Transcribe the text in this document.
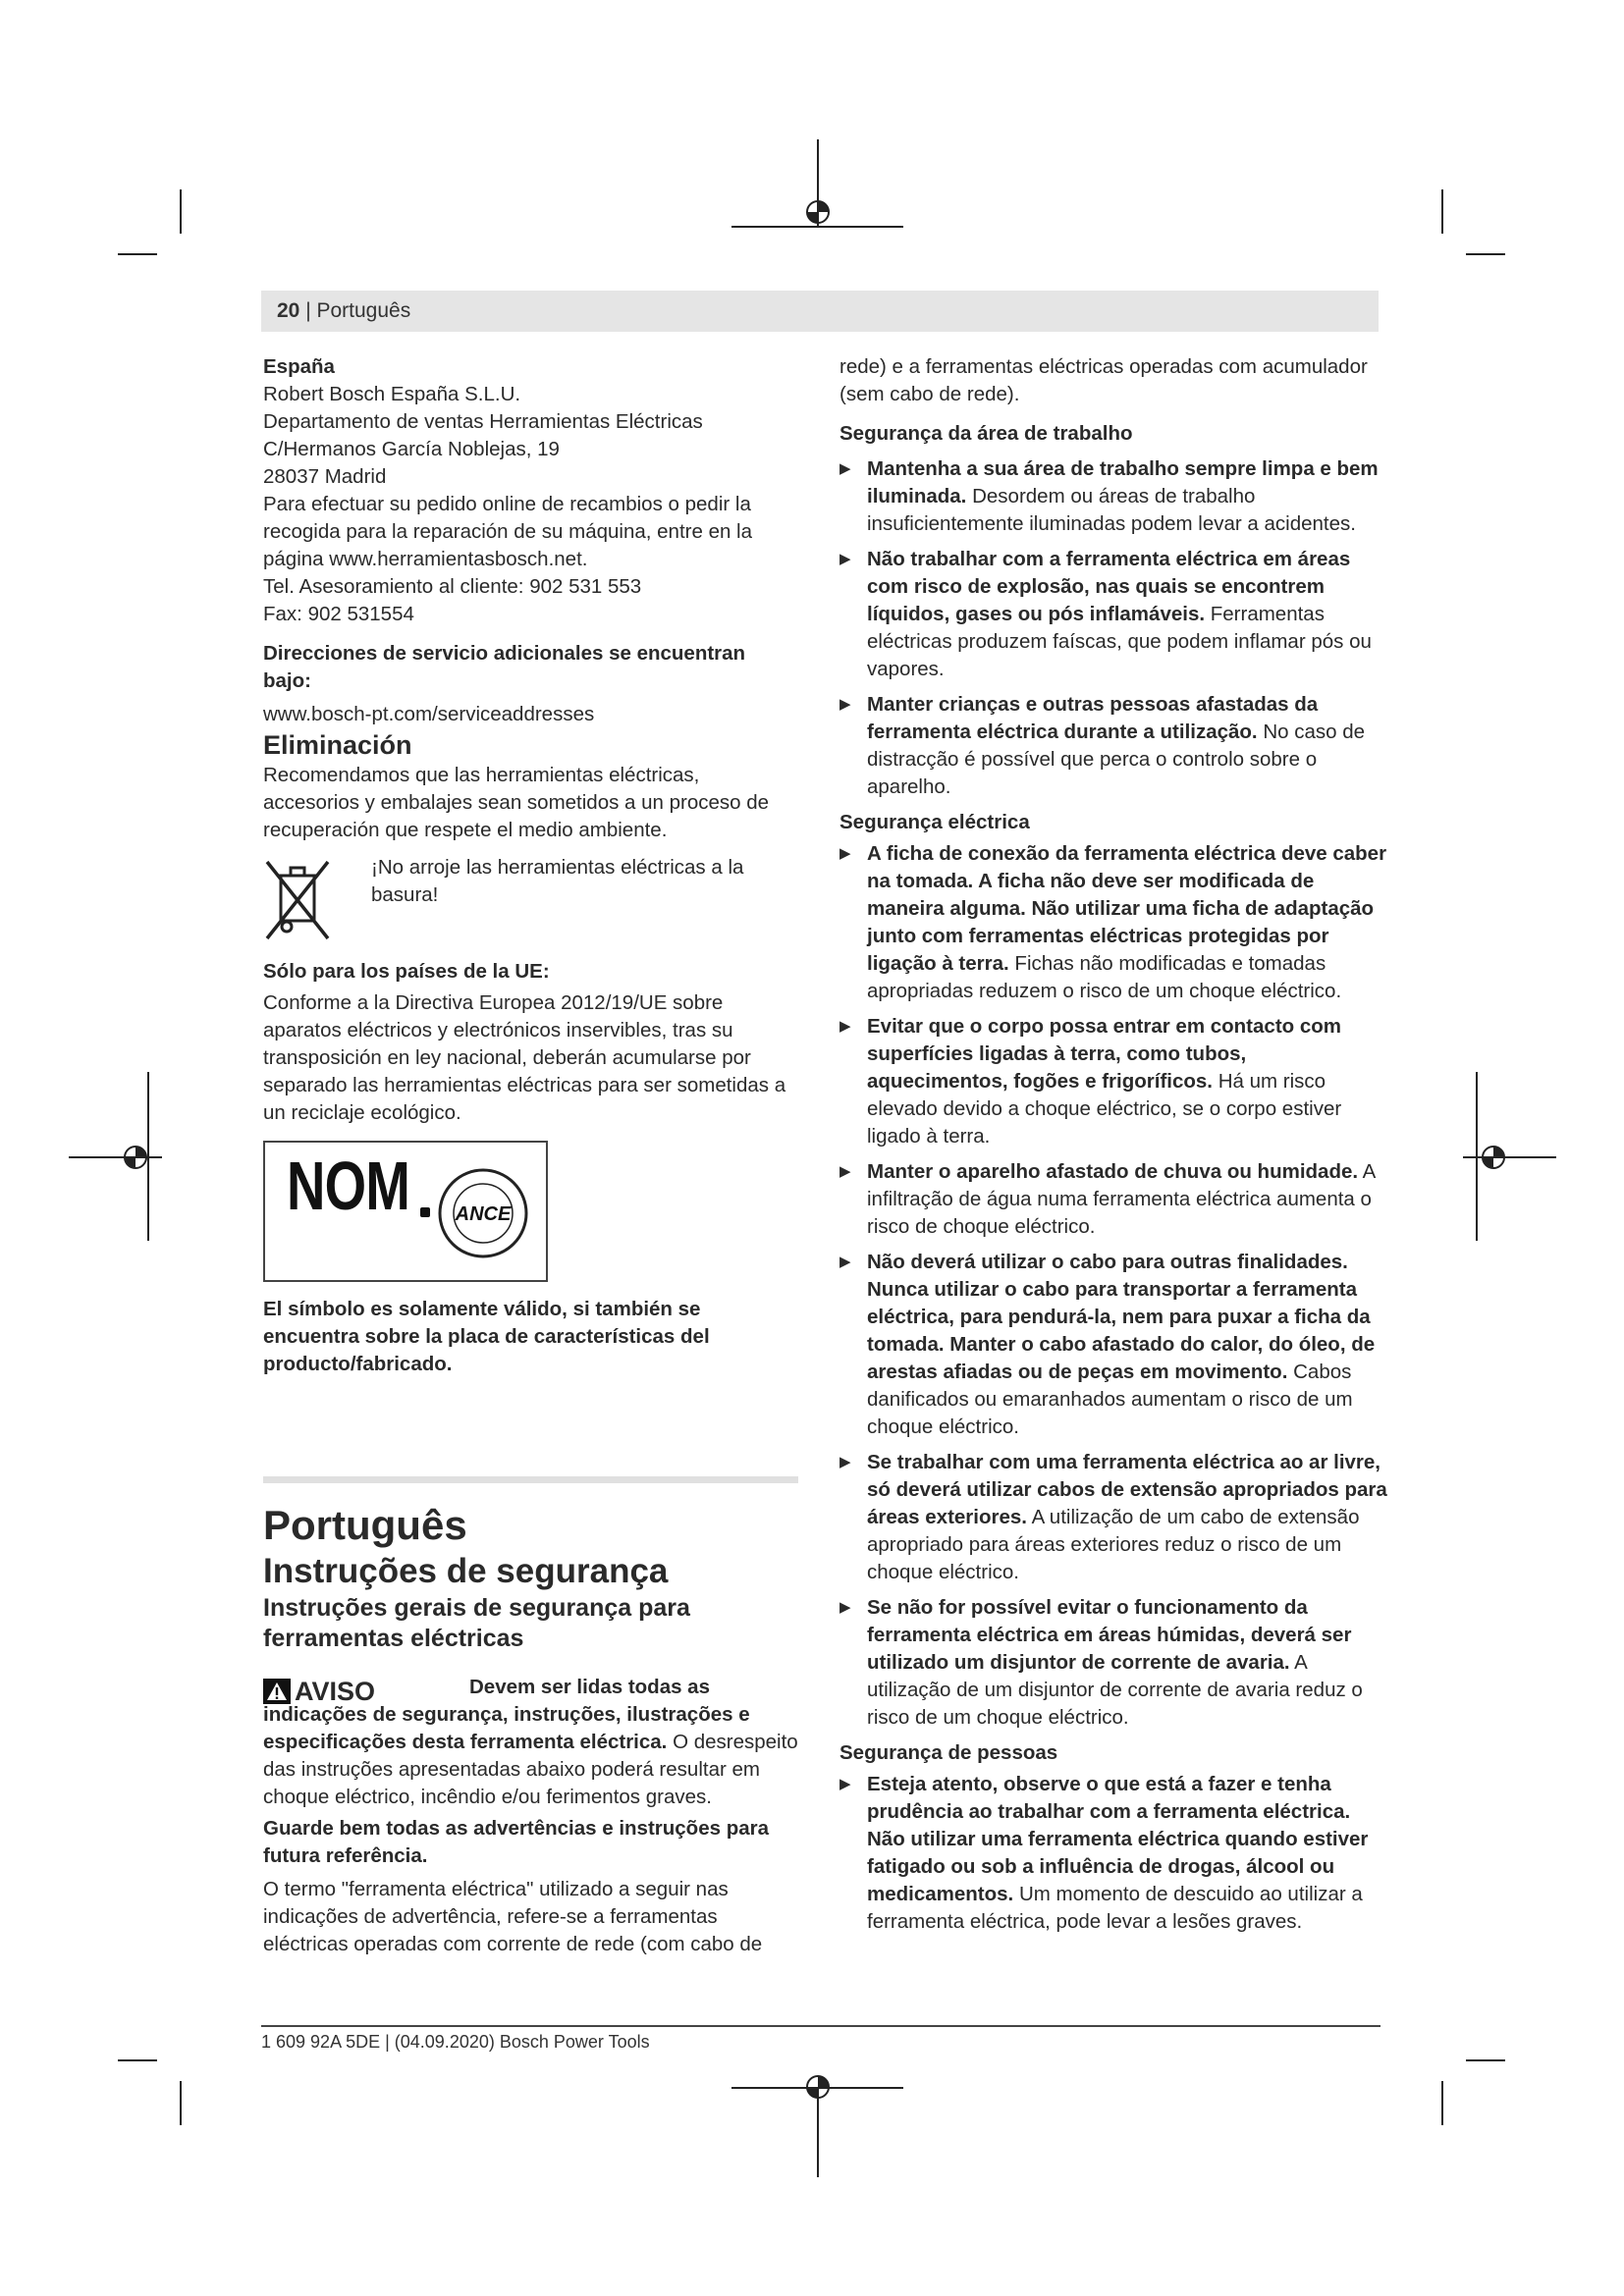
20 | Português

España

Robert Bosch España S.L.U.

Departamento de ventas Herramientas Eléctricas

C/Hermanos García Noblejas, 19

28037 Madrid

Para efectuar su pedido online de recambios o pedir la recogida para la reparación de su máquina, entre en la página www.herramientasbosch.net.

Tel. Asesoramiento al cliente: 902 531 553

Fax: 902 531554

Direcciones de servicio adicionales se encuentran bajo:

www.bosch-pt.com/serviceaddresses

Eliminación

Recomendamos que las herramientas eléctricas, accesorios y embalajes sean sometidos a un proceso de recuperación que respete el medio ambiente.

¡No arroje las herramientas eléctricas a la basura!

Sólo para los países de la UE:

Conforme a la Directiva Europea 2012/19/UE sobre aparatos eléctricos y electrónicos inservibles, tras su transposición en ley nacional, deberán acumularse por separado las herramientas eléctricas para ser sometidas a un reciclaje ecológico.

NOM ANCE

El símbolo es solamente válido, si también se encuentra sobre la placa de características del producto/fabricado.

Português

Instruções de segurança

Instruções gerais de segurança para ferramentas eléctricas

AVISO	Devem ser lidas todas as indicações de segurança, instruções, ilustrações e especificações desta ferramenta eléctrica. O desrespeito das instruções apresentadas abaixo poderá resultar em choque eléctrico, incêndio e/ou ferimentos graves.

Guarde bem todas as advertências e instruções para futura referência.

O termo "ferramenta eléctrica" utilizado a seguir nas indicações de advertência, refere-se a ferramentas eléctricas operadas com corrente de rede (com cabo de

rede) e a ferramentas eléctricas operadas com acumulador (sem cabo de rede).

Segurança da área de trabalho

▶ Mantenha a sua área de trabalho sempre limpa e bem iluminada. Desordem ou áreas de trabalho insuficientemente iluminadas podem levar a acidentes.
▶ Não trabalhar com a ferramenta eléctrica em áreas com risco de explosão, nas quais se encontrem líquidos, gases ou pós inflamáveis. Ferramentas eléctricas produzem faíscas, que podem inflamar pós ou vapores.
▶ Manter crianças e outras pessoas afastadas da ferramenta eléctrica durante a utilização. No caso de distracção é possível que perca o controlo sobre o aparelho.

Segurança eléctrica

▶ A ficha de conexão da ferramenta eléctrica deve caber na tomada. A ficha não deve ser modificada de maneira alguma. Não utilizar uma ficha de adaptação junto com ferramentas eléctricas protegidas por ligação à terra. Fichas não modificadas e tomadas apropriadas reduzem o risco de um choque eléctrico.
▶ Evitar que o corpo possa entrar em contacto com superfícies ligadas à terra, como tubos, aquecimentos, fogões e frigoríficos. Há um risco elevado devido a choque eléctrico, se o corpo estiver ligado à terra.
▶ Manter o aparelho afastado de chuva ou humidade. A infiltração de água numa ferramenta eléctrica aumenta o risco de choque eléctrico.
▶ Não deverá utilizar o cabo para outras finalidades. Nunca utilizar o cabo para transportar a ferramenta eléctrica, para pendurá-la, nem para puxar a ficha da tomada. Manter o cabo afastado do calor, do óleo, de arestas afiadas ou de peças em movimento. Cabos danificados ou emaranhados aumentam o risco de um choque eléctrico.
▶ Se trabalhar com uma ferramenta eléctrica ao ar livre, só deverá utilizar cabos de extensão apropriados para áreas exteriores. A utilização de um cabo de extensão apropriado para áreas exteriores reduz o risco de um choque eléctrico.
▶ Se não for possível evitar o funcionamento da ferramenta eléctrica em áreas húmidas, deverá ser utilizado um disjuntor de corrente de avaria. A utilização de um disjuntor de corrente de avaria reduz o risco de um choque eléctrico.

Segurança de pessoas

▶ Esteja atento, observe o que está a fazer e tenha prudência ao trabalhar com a ferramenta eléctrica. Não utilizar uma ferramenta eléctrica quando estiver fatigado ou sob a influência de drogas, álcool ou medicamentos. Um momento de descuido ao utilizar a ferramenta eléctrica, pode levar a lesões graves.
1 609 92A 5DE | (04.09.2020) Bosch Power Tools
